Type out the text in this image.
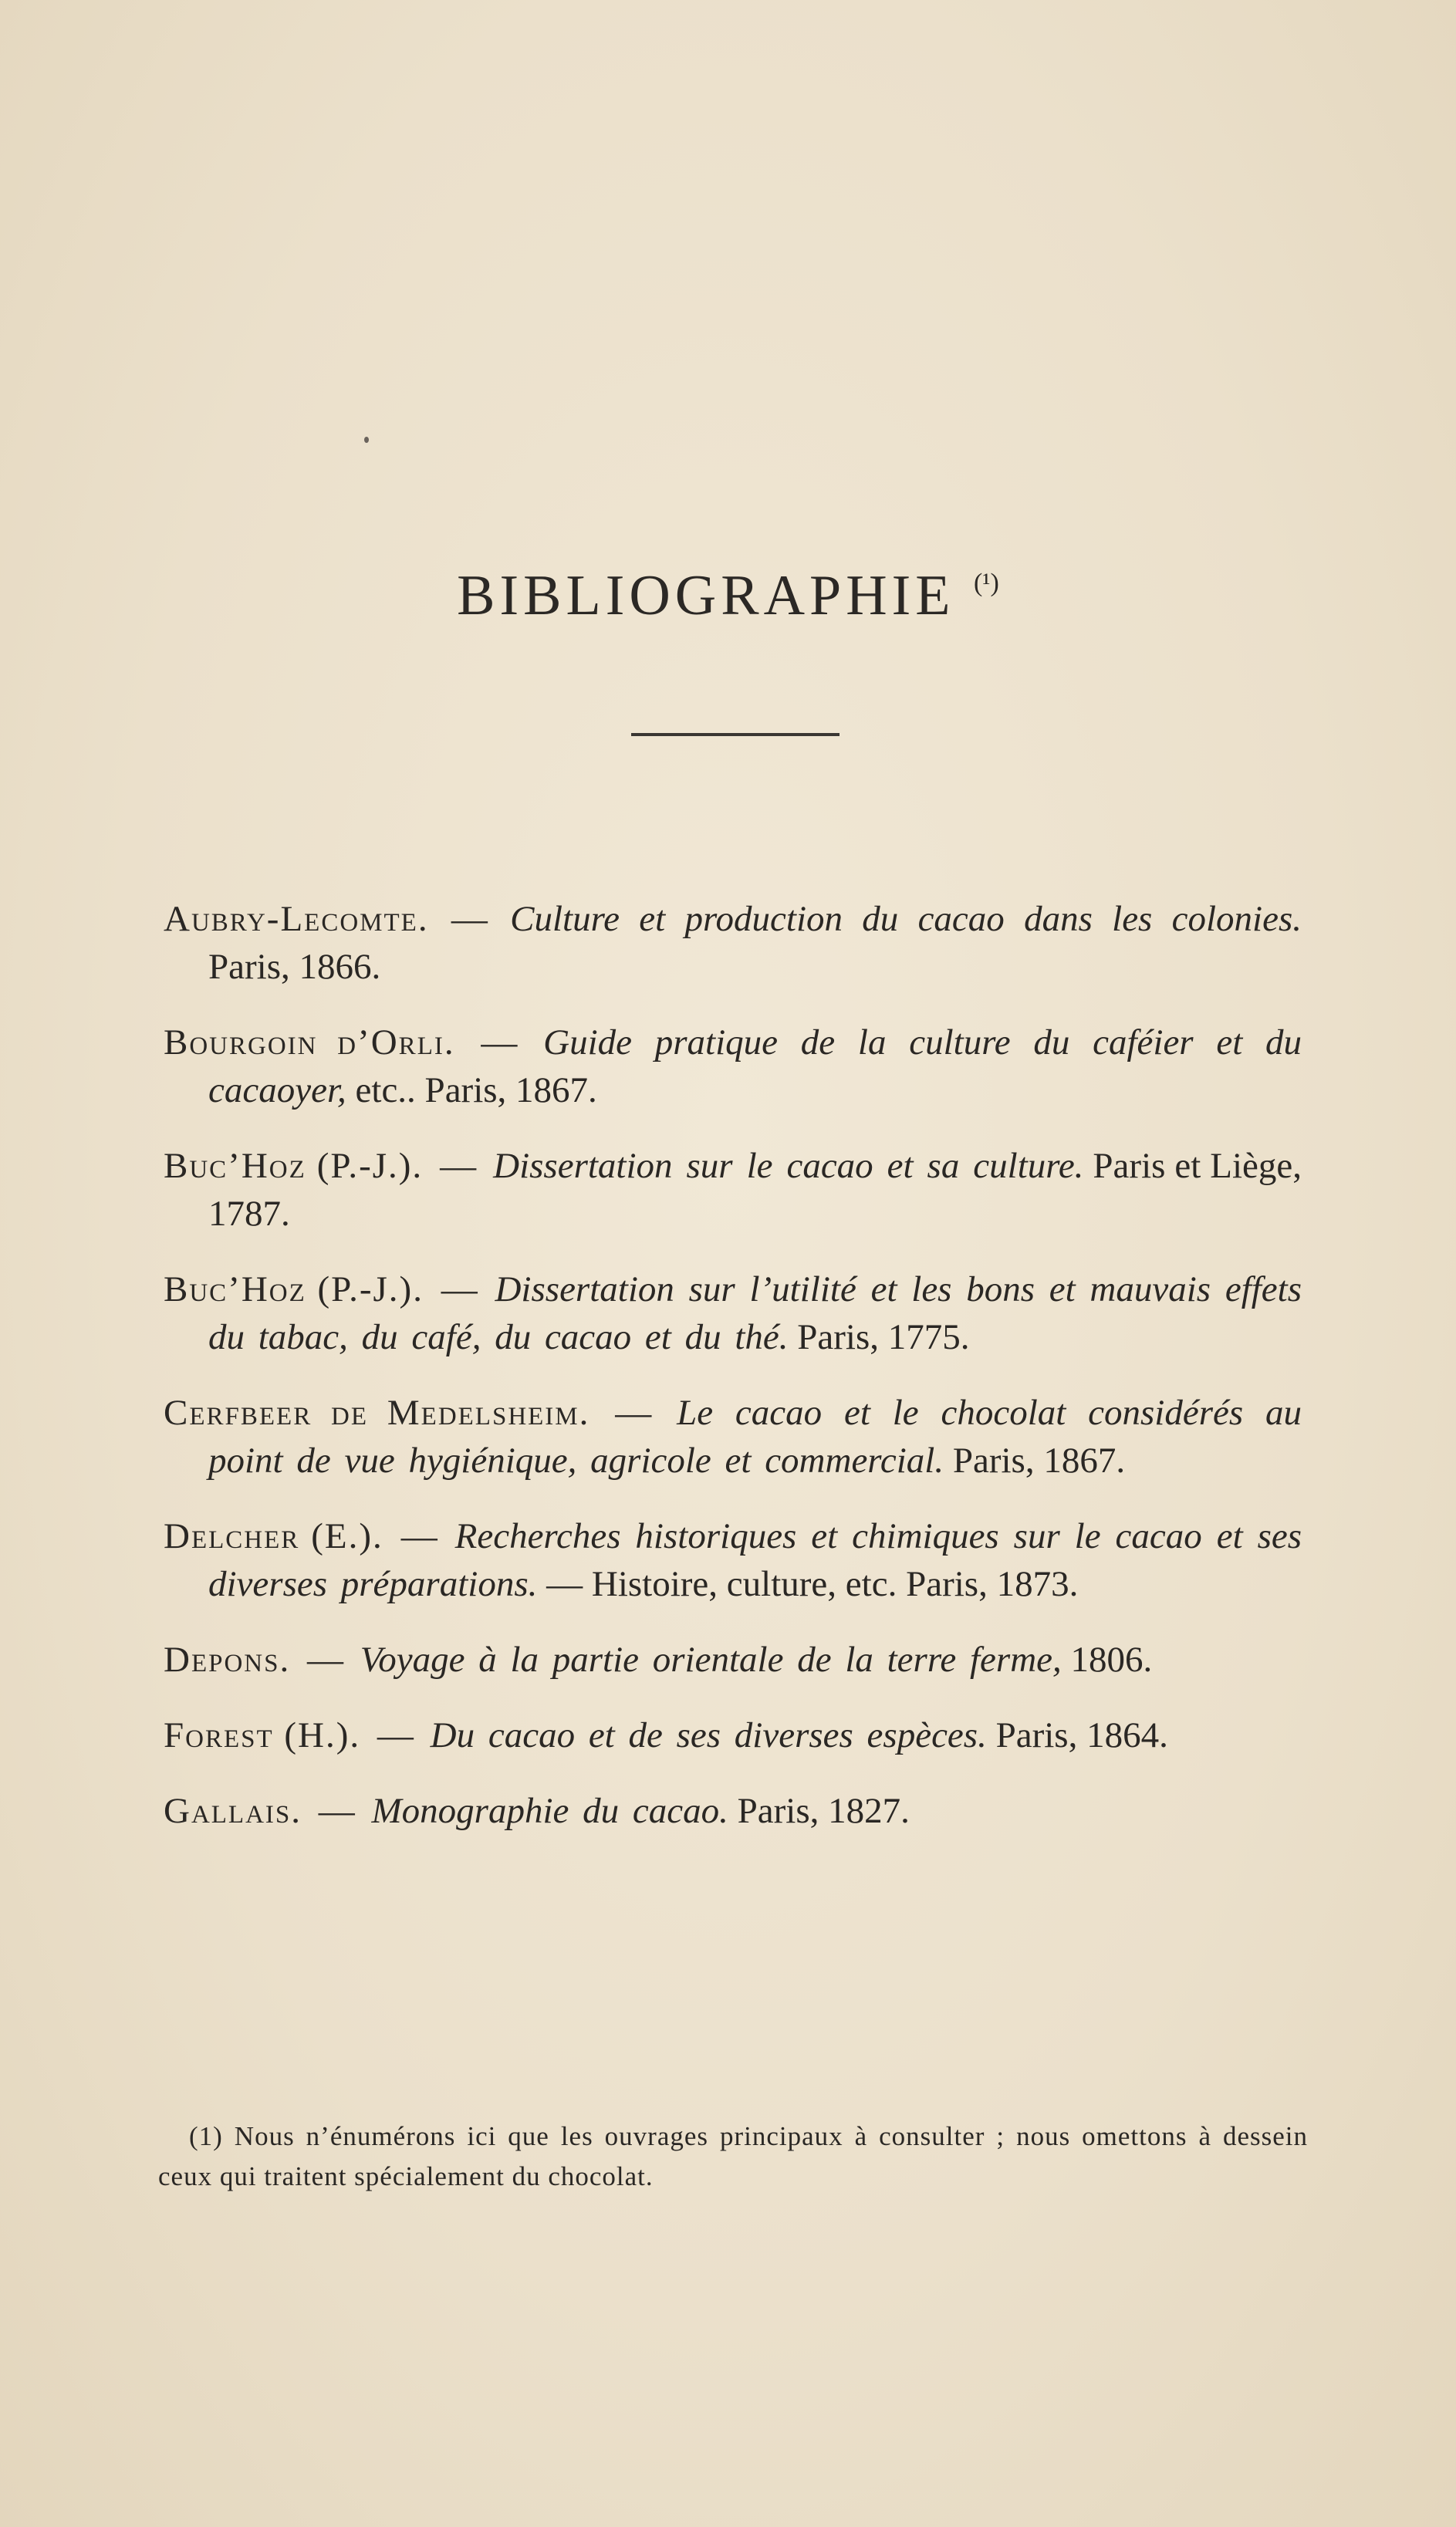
BIBLIOGRAPHIE $^{(^1)}$

Aubry-Lecomte. — Culture et production du cacao dans les colonies. Paris, 1866.

Bourgoin d’Orli. — Guide pratique de la culture du caféier et du cacaoyer, etc.. Paris, 1867.

Buc’Hoz (P.-J.). — Dissertation sur le cacao et sa culture. Paris et Liège, 1787.

Buc’Hoz (P.-J.). — Dissertation sur l’utilité et les bons et mauvais effets du tabac, du café, du cacao et du thé. Paris, 1775.

Cerfbeer de Medelsheim. — Le cacao et le chocolat considérés au point de vue hygiénique, agricole et commercial. Paris, 1867.

Delcher (E.). — Recherches historiques et chimiques sur le cacao et ses diverses préparations. — Histoire, culture, etc. Paris, 1873.

Depons. — Voyage à la partie orientale de la terre ferme, 1806.

Forest (H.). — Du cacao et de ses diverses espèces. Paris, 1864.

Gallais. — Monographie du cacao. Paris, 1827.

(1) Nous n’énumérons ici que les ouvrages principaux à consulter ; nous omettons à dessein ceux qui traitent spécialement du chocolat.
